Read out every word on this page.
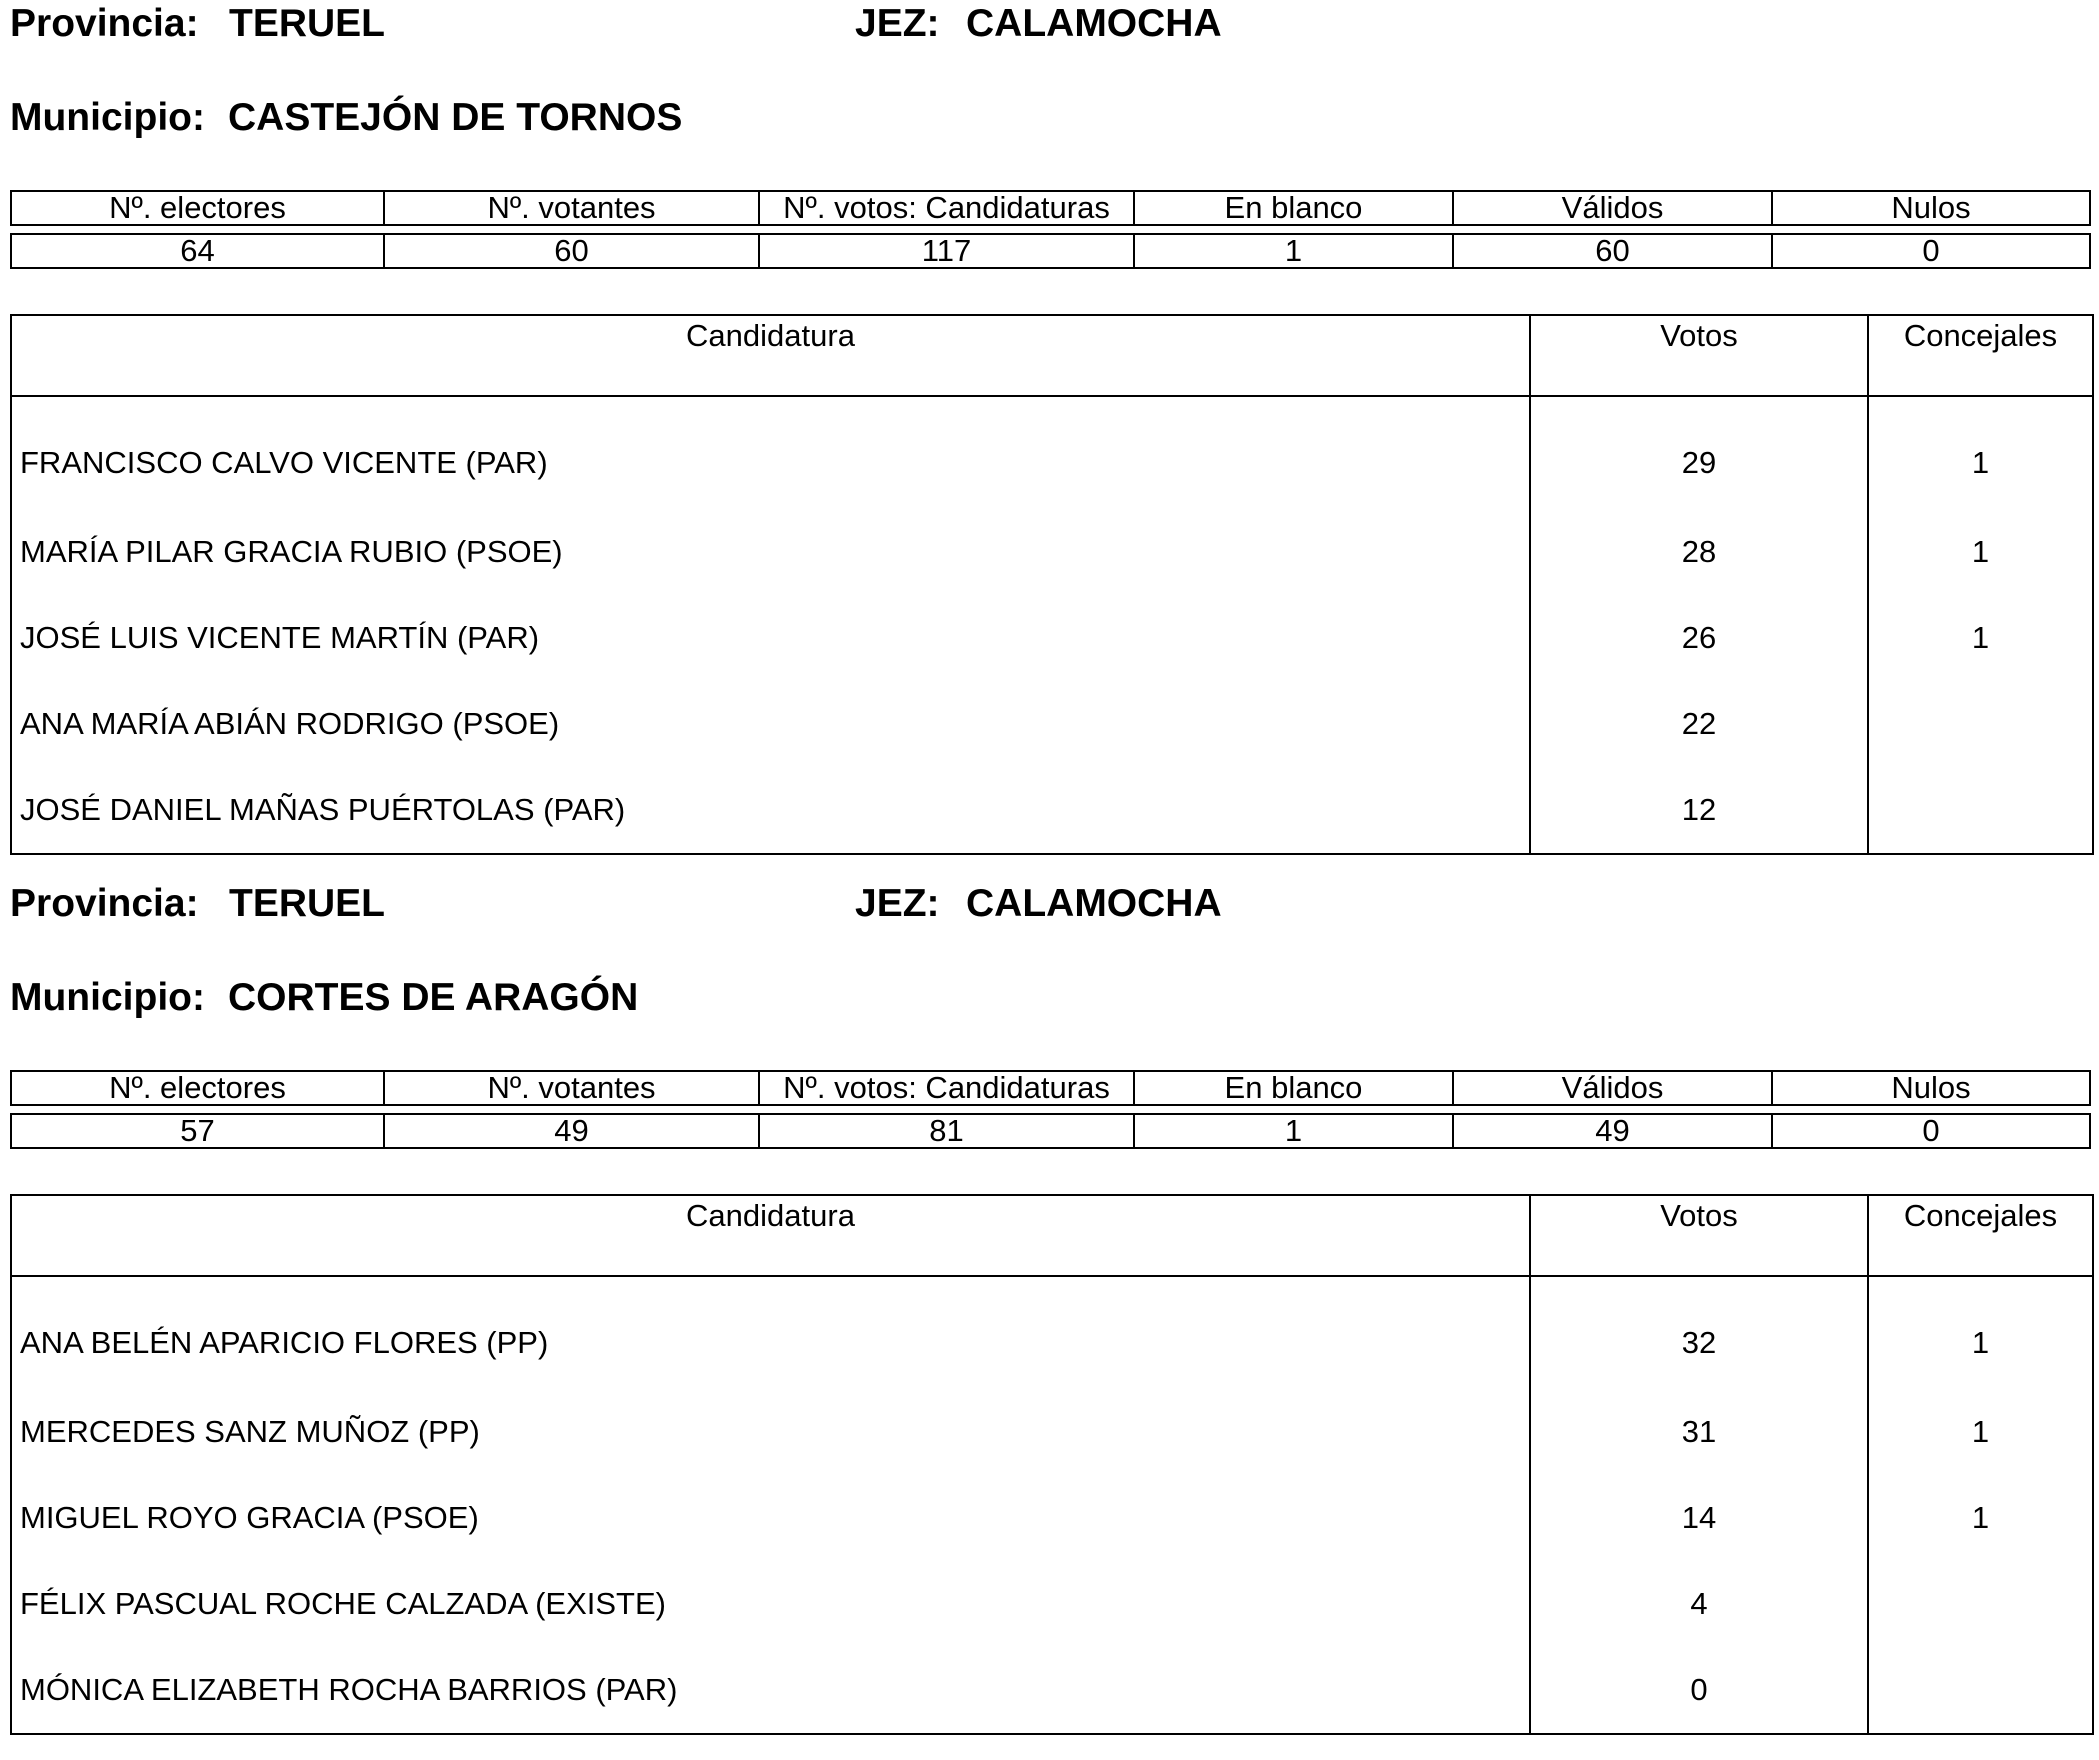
Provincia: TERUEL	JEZ: CALAMOCHA
Municipio: CASTEJÓN DE TORNOS
Nº. electores	Nº. votantes	Nº. votos: Candidaturas	En blanco	Válidos	Nulos
64	60	117	1	60	0
Candidatura	Votos	Concejales
FRANCISCO CALVO VICENTE (PAR)	29	1
MARÍA PILAR GRACIA RUBIO (PSOE)	28	1
JOSÉ LUIS VICENTE MARTÍN (PAR)	26	1
ANA MARÍA ABIÁN RODRIGO (PSOE)	22	
JOSÉ DANIEL MAÑAS PUÉRTOLAS (PAR)	12	
Provincia: TERUEL	JEZ: CALAMOCHA
Municipio: CORTES DE ARAGÓN
Nº. electores	Nº. votantes	Nº. votos: Candidaturas	En blanco	Válidos	Nulos
57	49	81	1	49	0
Candidatura	Votos	Concejales
ANA BELÉN APARICIO FLORES (PP)	32	1
MERCEDES SANZ MUÑOZ (PP)	31	1
MIGUEL ROYO GRACIA (PSOE)	14	1
FÉLIX PASCUAL ROCHE CALZADA (EXISTE)	4	
MÓNICA ELIZABETH ROCHA BARRIOS (PAR)	0	
